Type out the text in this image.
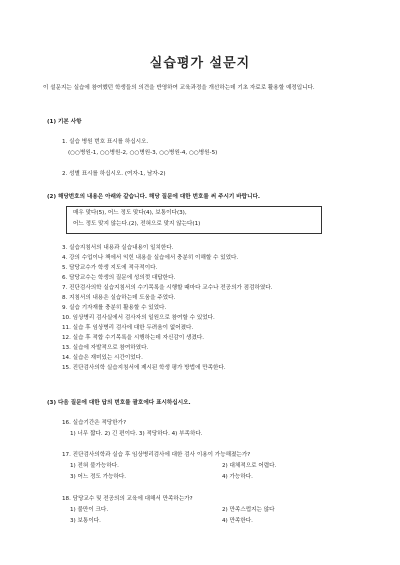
실습평가 설문지
이 설문지는 실습에 참여했던 학생들의 의견을 반영하여 교육과정을 개선하는데 기초 자료로 활용할 예정입니다.
(1) 기본 사항
1. 실습 병원 번호 표시를 하십시오.
(○○병원-1, ○○병원-2, ○○병원-3, ○○병원-4, ○○병원-5)
2. 성별 표시를 하십시오. (여자-1, 남자-2)
(2) 해당번호의 내용은 아래와 같습니다. 해당 질문에 대한 번호를 써 주시기 바랍니다.
매우 맞다(5), 어느 정도 맞다(4), 보통이다(3),
어느 정도 맞지 않는다.(2), 전혀으로 맞지 않는다(1)
3. 실습지침서의 내용과 실습내용이 일치한다.
4. 강의 수업이나 책에서 익힌 내용을 실습에서 충분히 이해할 수 있었다.
5. 담당교수가 학생 지도에 적극적이다.
6. 담당교수는 학생의 질문에 성의껏 대답한다.
7. 진단검사의학 실습지침서의 수기목록을 시행할 때마다 교수나 전공의가 점검하였다.
8. 지침서의 내용은 실습하는데 도움을 주었다.
9. 실습 기자재를 충분히 활용할 수 있었다.
10. 임상병리 검사실에서 검사자의 일원으로 참여할 수 있었다.
11. 실습 후 임상병리 검사에 대한 두려움이 없어졌다.
12. 실습 후 적합 수기목록을 시행하는데 자신감이 생겼다.
13. 실습에 자발적으로 참여하였다.
14. 실습은 재미있는 시간이었다.
15. 진단검사의학 실습지침서에 제시된 학생 평가 방법에 만족한다.
(3) 다음 질문에 대한 답의 번호를 괄호에다 표시하십시오.
16. 실습기간은 적당한가?
1) 너무 짧다. 2) 긴 편이다. 3) 적당하다. 4) 부족하다.
17. 진단검사의학과 실습 후 임상병리검사에 대한 검사 이용이 가능해졌는가?
1) 전혀 불가능하다.	2) 대체적으로 어렵다.
3) 어느 정도 가능하다.	4) 가능하다.
18. 담당교수 및 전공의의 교육에 대해서 만족하는가?
1) 불만이 크다.	2) 만족스럽지는 않다
3) 보통이다.	4) 만족한다.
